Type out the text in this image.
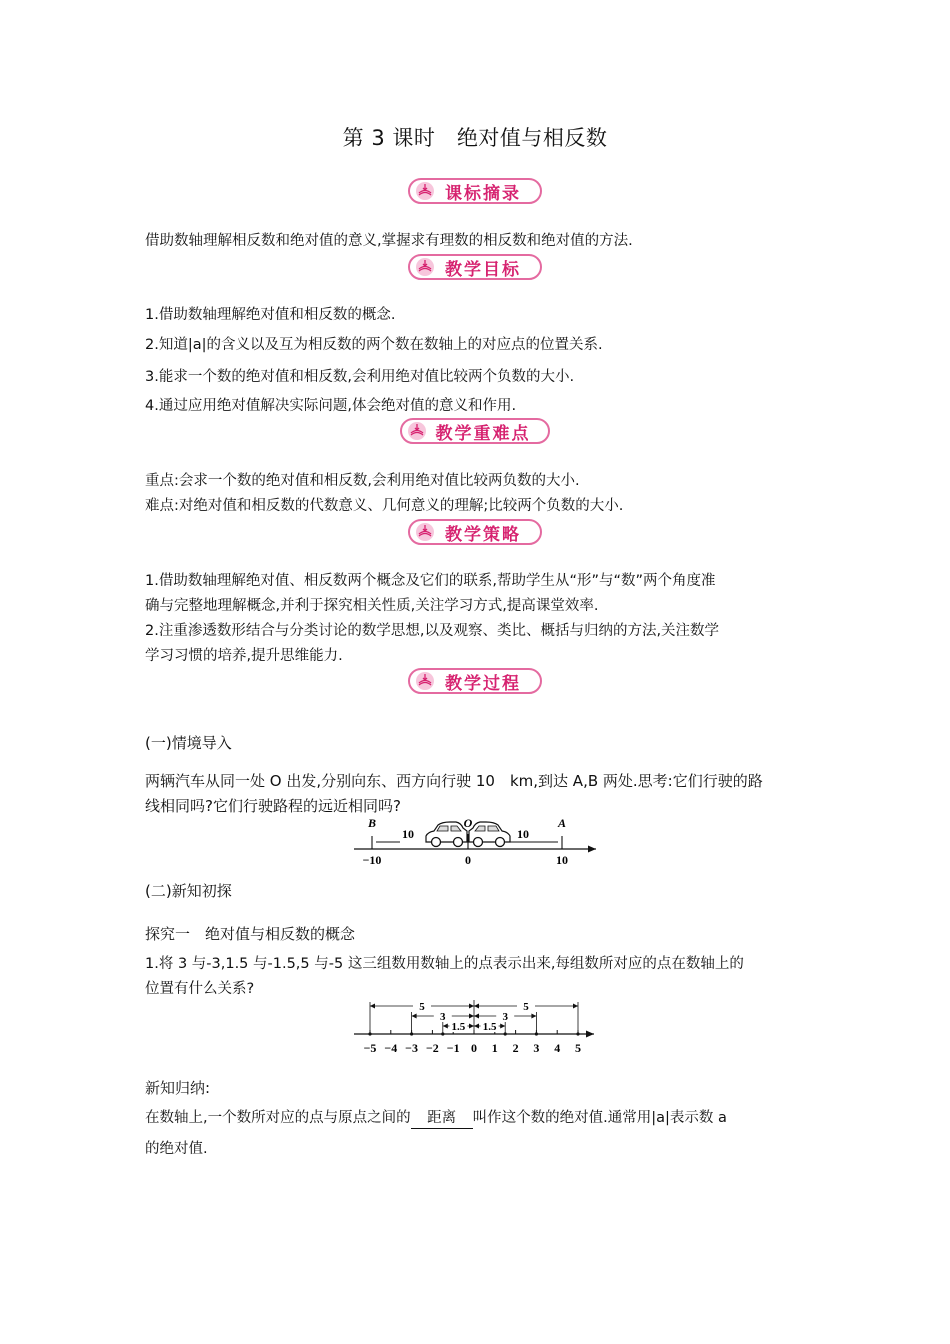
第 3 课时　绝对值与相反数
课标摘录
借助数轴理解相反数和绝对值的意义,掌握求有理数的相反数和绝对值的方法.
教学目标
1.借助数轴理解绝对值和相反数的概念.
2.知道|a|的含义以及互为相反数的两个数在数轴上的对应点的位置关系.
3.能求一个数的绝对值和相反数,会利用绝对值比较两个负数的大小.
4.通过应用绝对值解决实际问题,体会绝对值的意义和作用.
教学重难点
重点:会求一个数的绝对值和相反数,会利用绝对值比较两负数的大小.
难点:对绝对值和相反数的代数意义、几何意义的理解;比较两个负数的大小.
教学策略
1.借助数轴理解绝对值、相反数两个概念及它们的联系,帮助学生从“形”与“数”两个角度准
确与完整地理解概念,并利于探究相关性质,关注学习方式,提高课堂效率.
2.注重渗透数形结合与分类讨论的数学思想,以及观察、类比、概括与归纳的方法,关注数学
学习习惯的培养,提升思维能力.
教学过程
(一)情境导入
两辆汽车从同一处 O 出发,分别向东、西方向行驶 10　km,到达 A,B 两处.思考:它们行驶的路
线相同吗?它们行驶路程的远近相同吗?
B	O	A
10	10
−10	0	10
(二)新知初探
探究一　绝对值与相反数的概念
1.将 3 与-3,1.5 与-1.5,5 与-5 这三组数用数轴上的点表示出来,每组数所对应的点在数轴上的
位置有什么关系?
−5 −4 −3 −2 −1 0 1 2 3 4 5
5	5
3	3
1.5 1.5
新知归纳:
在数轴上,一个数所对应的点与原点之间的 距离 叫作这个数的绝对值.通常用|a|表示数 a
的绝对值.
